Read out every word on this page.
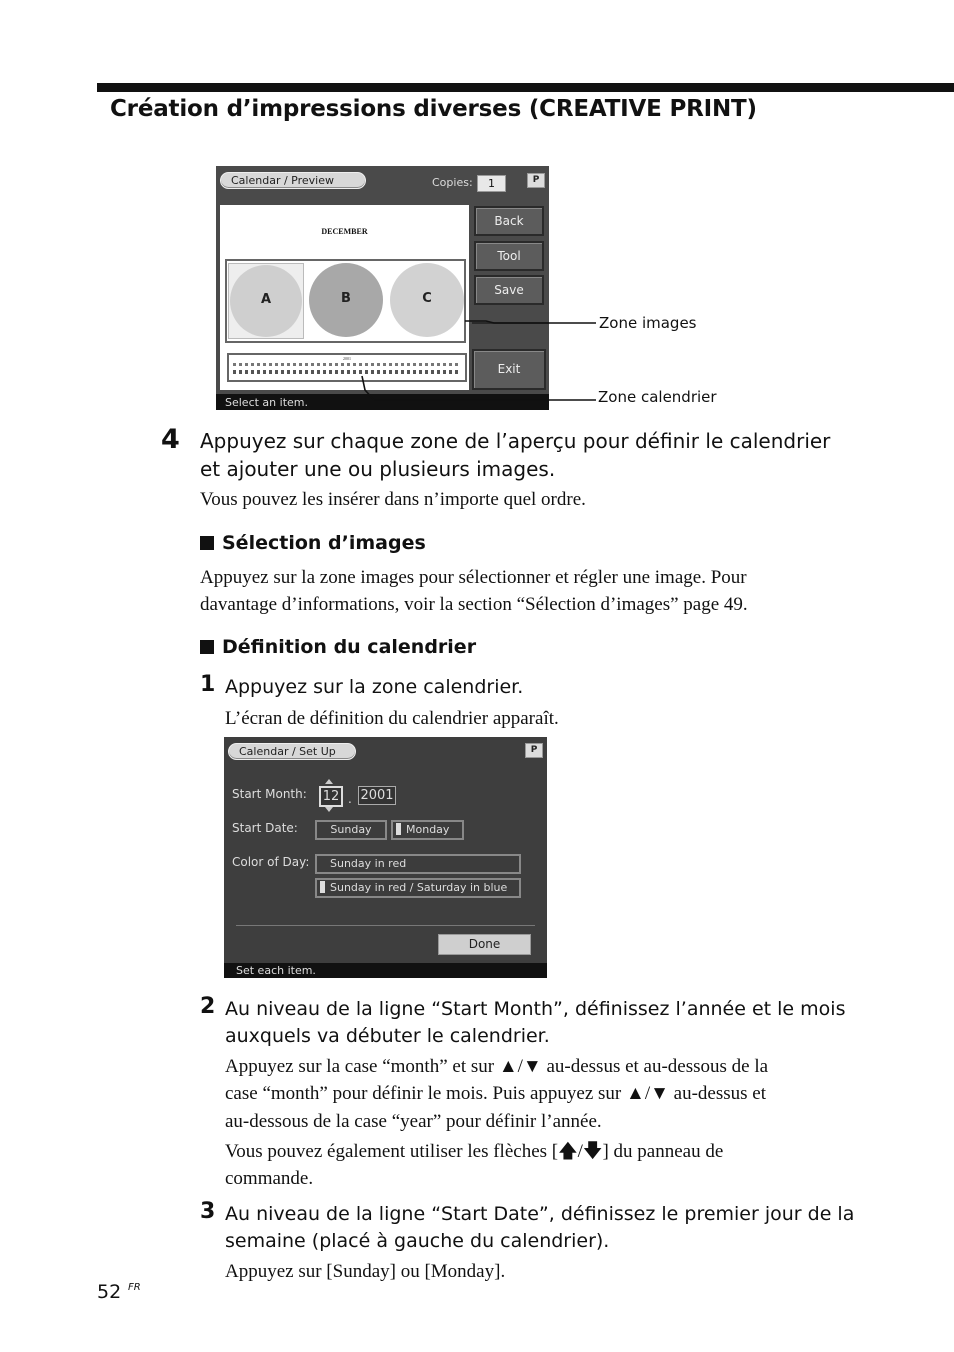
Création d’impressions diverses (CREATIVE PRINT)
Calendar / Preview	Copies:	1	P
DECEMBER
A	B	C
2001
Back
Tool
Save
Exit
Select an item.
Zone images
Zone calendrier
4 Appuyez sur chaque zone de l’aperçu pour définir le calendrier
et ajouter une ou plusieurs images.
Vous pouvez les insérer dans n’importe quel ordre.
Sélection d’images
Appuyez sur la zone images pour sélectionner et régler une image. Pour
davantage d’informations, voir la section “Sélection d’images” page 49.
Définition du calendrier
1 Appuyez sur la zone calendrier.
L’écran de définition du calendrier apparaît.
Calendar / Set Up	P
Start Month: 12 . 2001
Start Date:	Sunday	Monday
Color of Day:	Sunday in red
Sunday in red / Saturday in blue
Done
Set each item.
2 Au niveau de la ligne “Start Month”, définissez l’année et le mois
auxquels va débuter le calendrier.
Appuyez sur la case “month” et sur ▲/▼ au-dessus et au-dessous de la
case “month” pour définir le mois. Puis appuyez sur ▲/▼ au-dessus et
au-dessous de la case “year” pour définir l’année.
Vous pouvez également utiliser les flèches [🡅/🡇] du panneau de
commande.
3 Au niveau de la ligne “Start Date”, définissez le premier jour de la
semaine (placé à gauche du calendrier).
Appuyez sur [Sunday] ou [Monday].
52 FR
